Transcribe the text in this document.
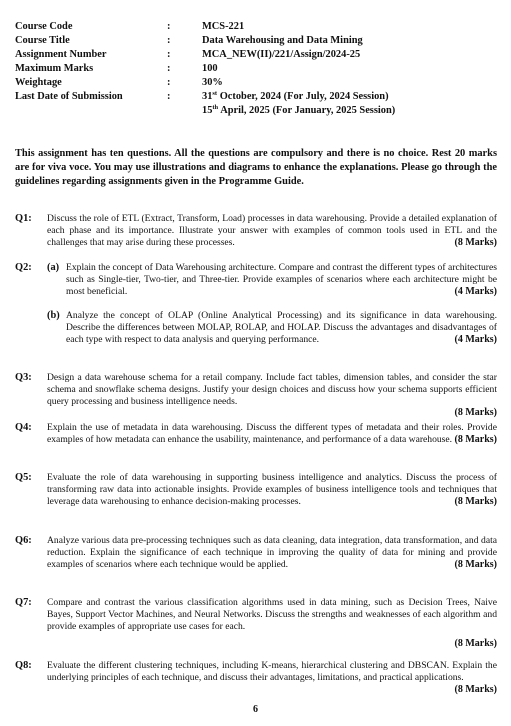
Course Code	:	MCS-221
Course Title	:	Data Warehousing and Data Mining
Assignment Number	:	MCA_NEW(II)/221/Assign/2024-25
Maximum Marks	:	100
Weightage	:	30%
Last Date of Submission	:	31st October, 2024 (For July, 2024 Session)
15th April, 2025 (For January, 2025 Session)

This assignment has ten questions. All the questions are compulsory and there is no choice. Rest 20 marks are for viva voce. You may use illustrations and diagrams to enhance the explanations. Please go through the guidelines regarding assignments given in the Programme Guide.

Q1: Discuss the role of ETL (Extract, Transform, Load) processes in data warehousing. Provide a detailed explanation of each phase and its importance. Illustrate your answer with examples of common tools used in ETL and the challenges that may arise during these processes.	(8 Marks)
Q2: (a) Explain the concept of Data Warehousing architecture. Compare and contrast the different types of architectures such as Single-tier, Two-tier, and Three-tier. Provide examples of scenarios where each architecture might be most beneficial.	(4 Marks)
(b) Analyze the concept of OLAP (Online Analytical Processing) and its significance in data warehousing. Describe the differences between MOLAP, ROLAP, and HOLAP. Discuss the advantages and disadvantages of each type with respect to data analysis and querying performance.	(4 Marks)
Q3: Design a data warehouse schema for a retail company. Include fact tables, dimension tables, and consider the star schema and snowflake schema designs. Justify your design choices and discuss how your schema supports efficient query processing and business intelligence needs.
(8 Marks)
Q4: Explain the use of metadata in data warehousing. Discuss the different types of metadata and their roles. Provide examples of how metadata can enhance the usability, maintenance, and performance of a data warehouse. (8 Marks)
Q5: Evaluate the role of data warehousing in supporting business intelligence and analytics. Discuss the process of transforming raw data into actionable insights. Provide examples of business intelligence tools and techniques that leverage data warehousing to enhance decision-making processes.	(8 Marks)
Q6: Analyze various data pre-processing techniques such as data cleaning, data integration, data transformation, and data reduction. Explain the significance of each technique in improving the quality of data for mining and provide examples of scenarios where each technique would be applied.	(8 Marks)
Q7: Compare and contrast the various classification algorithms used in data mining, such as Decision Trees, Naive Bayes, Support Vector Machines, and Neural Networks. Discuss the strengths and weaknesses of each algorithm and provide examples of appropriate use cases for each.
(8 Marks)
Q8: Evaluate the different clustering techniques, including K-means, hierarchical clustering and DBSCAN. Explain the underlying principles of each technique, and discuss their advantages, limitations, and practical applications.
(8 Marks)
6
